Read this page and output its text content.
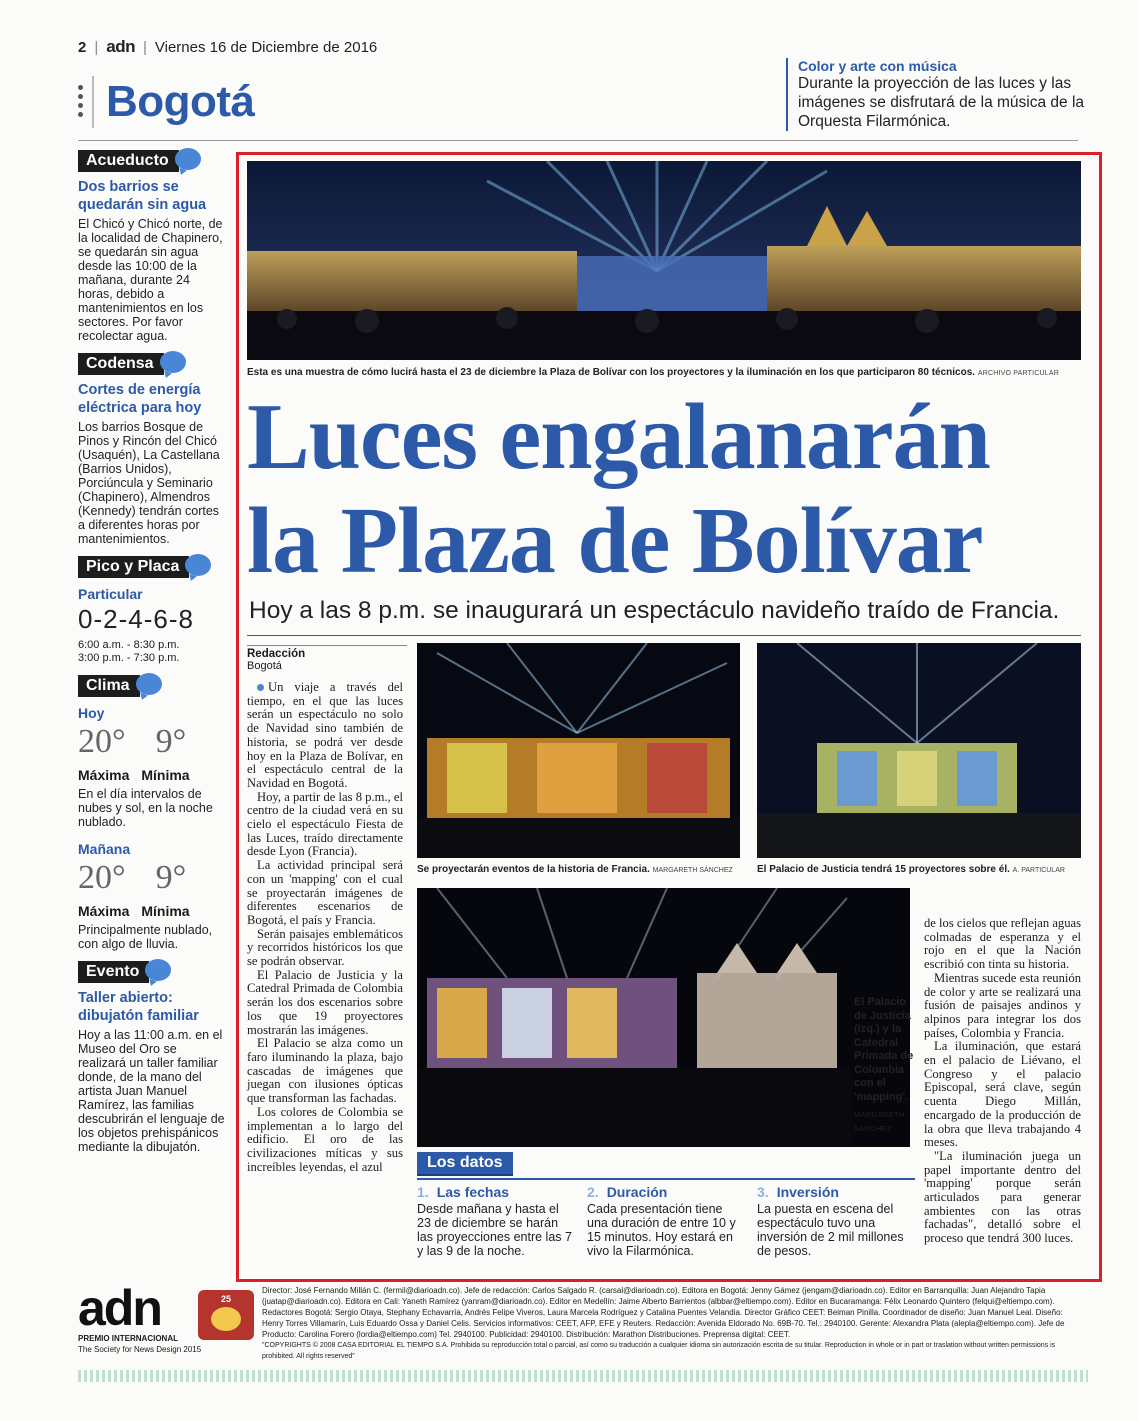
2 | adn | Viernes 16 de Diciembre de 2016
Bogotá
Color y arte con música
Durante la proyección de las luces y las imágenes se disfrutará de la música de la Orquesta Filarmónica.
Acueducto
Dos barrios se quedarán sin agua
El Chicó y Chicó norte, de la localidad de Chapinero, se quedarán sin agua desde las 10:00 de la mañana, durante 24 horas, debido a mantenimientos en los sectores. Por favor recolectar agua.
Codensa
Cortes de energía eléctrica para hoy
Los barrios Bosque de Pinos y Rincón del Chicó (Usaquén), La Castellana (Barrios Unidos), Porciúncula y Seminario (Chapinero), Almendros (Kennedy) tendrán cortes a diferentes horas por mantenimientos.
Pico y Placa
Particular
0-2-4-6-8
6:00 a.m. - 8:30 p.m.
3:00 p.m. - 7:30 p.m.
Clima
Hoy
20° 9°
Máxima Mínima
En el día intervalos de nubes y sol, en la noche nublado.
Mañana
20° 9°
Máxima Mínima
Principalmente nublado, con algo de lluvia.
Evento
Taller abierto: dibujatón familiar
Hoy a las 11:00 a.m. en el Museo del Oro se realizará un taller familiar donde, de la mano del artista Juan Manuel Ramírez, las familias descubrirán el lenguaje de los objetos prehispánicos mediante la dibujatón.
Esta es una muestra de cómo lucirá hasta el 23 de diciembre la Plaza de Bolívar con los proyectores y la iluminación en los que participaron 80 técnicos. ARCHIVO PARTICULAR
Luces engalanarán
la Plaza de Bolívar
Hoy a las 8 p.m. se inaugurará un espectáculo navideño traído de Francia.
Redacción
Bogotá

Un viaje a través del tiempo, en el que las luces serán un espectáculo no solo de Navidad sino también de historia, se podrá ver desde hoy en la Plaza de Bolívar, en el espectáculo central de la Navidad en Bogotá.

Hoy, a partir de las 8 p.m., el centro de la ciudad verá en su cielo el espectáculo Fiesta de las Luces, traído directamente desde Lyon (Francia).

La actividad principal será con un 'mapping' con el cual se proyectarán imágenes de diferentes escenarios de Bogotá, el país y Francia.

Serán paisajes emblemáticos y recorridos históricos los que se podrán observar.

El Palacio de Justicia y la Catedral Primada de Colombia serán los dos escenarios sobre los que 19 proyectores mostrarán las imágenes.

El Palacio se alza como un faro iluminando la plaza, bajo cascadas de imágenes que juegan con ilusiones ópticas que transforman las fachadas.

Los colores de Colombia se implementan a lo largo del edificio. El oro de las civilizaciones míticas y sus increíbles leyendas, el azul

Se proyectarán eventos de la historia de Francia. MARGARETH SÁNCHEZ El Palacio de Justicia tendrá 15 proyectores sobre él. A. PARTICULAR
El Palacio de Justicia (izq.) y la Catedral Primada de Colombia con el 'mapping'.
MARGARETH SÁNCHEZ

de los cielos que reflejan aguas colmadas de esperanza y el rojo en el que la Nación escribió con tinta su historia.

Mientras sucede esta reunión de color y arte se realizará una fusión de paisajes andinos y alpinos para integrar los dos países, Colombia y Francia.

La iluminación, que estará en el palacio de Liévano, el Congreso y el palacio Episcopal, será clave, según cuenta Diego Millán, encargado de la producción de la obra que lleva trabajando 4 meses.

"La iluminación juega un papel importante dentro del 'mapping' porque serán articulados para generar ambientes con las otras fachadas", detalló sobre el proceso que tendrá 300 luces.

Los datos
1. Las fechas
Desde mañana y hasta el 23 de diciembre se harán las proyecciones entre las 7 y las 9 de la noche.
2. Duración
Cada presentación tiene una duración de entre 10 y 15 minutos. Hoy estará en vivo la Filarmónica.
3. Inversión
La puesta en escena del espectáculo tuvo una inversión de 2 mil millones de pesos.
adn	25
PREMIO INTERNACIONAL
The Society for News Design 2015
Director: José Fernando Millán C. (fermil@diarioadn.co). Jefe de redacción: Carlos Salgado R. (carsal@diarioadn.co). Editora en Bogotá: Jenny Gámez (jengam@diarioadn.co). Editor en Barranquilla: Juan Alejandro Tapia (juatap@diarioadn.co). Editora en Cali: Yaneth Ramírez (yanram@diarioadn.co). Editor en Medellín: Jaime Alberto Barrientos (albbar@eltiempo.com). Editor en Bucaramanga: Félix Leonardo Quintero (felqui@eltiempo.com). Redactores Bogotá: Sergio Otaya, Stephany Echavarría, Andrés Felipe Viveros, Laura Marcela Rodríguez y Catalina Puentes Velandia. Director Gráfico CEET: Beiman Pinilla. Coordinador de diseño: Juan Manuel Leal. Diseño: Henry Torres Villamarín, Luis Eduardo Ossa y Daniel Celis. Servicios informativos: CEET, AFP, EFE y Reuters. Redacción: Avenida Eldorado No. 69B-70. Tel.: 2940100. Gerente: Alexandra Plata (alepla@eltiempo.com). Jefe de Producto: Carolina Forero (lordia@eltiempo.com) Tel. 2940100. Publicidad: 2940100. Distribución: Marathon Distribuciones. Preprensa digital: CEET.
"COPYRIGHTS © 2008 CASA EDITORIAL EL TIEMPO S.A. Prohibida su reproducción total o parcial, así como su traducción a cualquier idioma sin autorización escrita de su titular. Reproduction in whole or in part or traslation without written permissions is prohibited. All rights reserved"
